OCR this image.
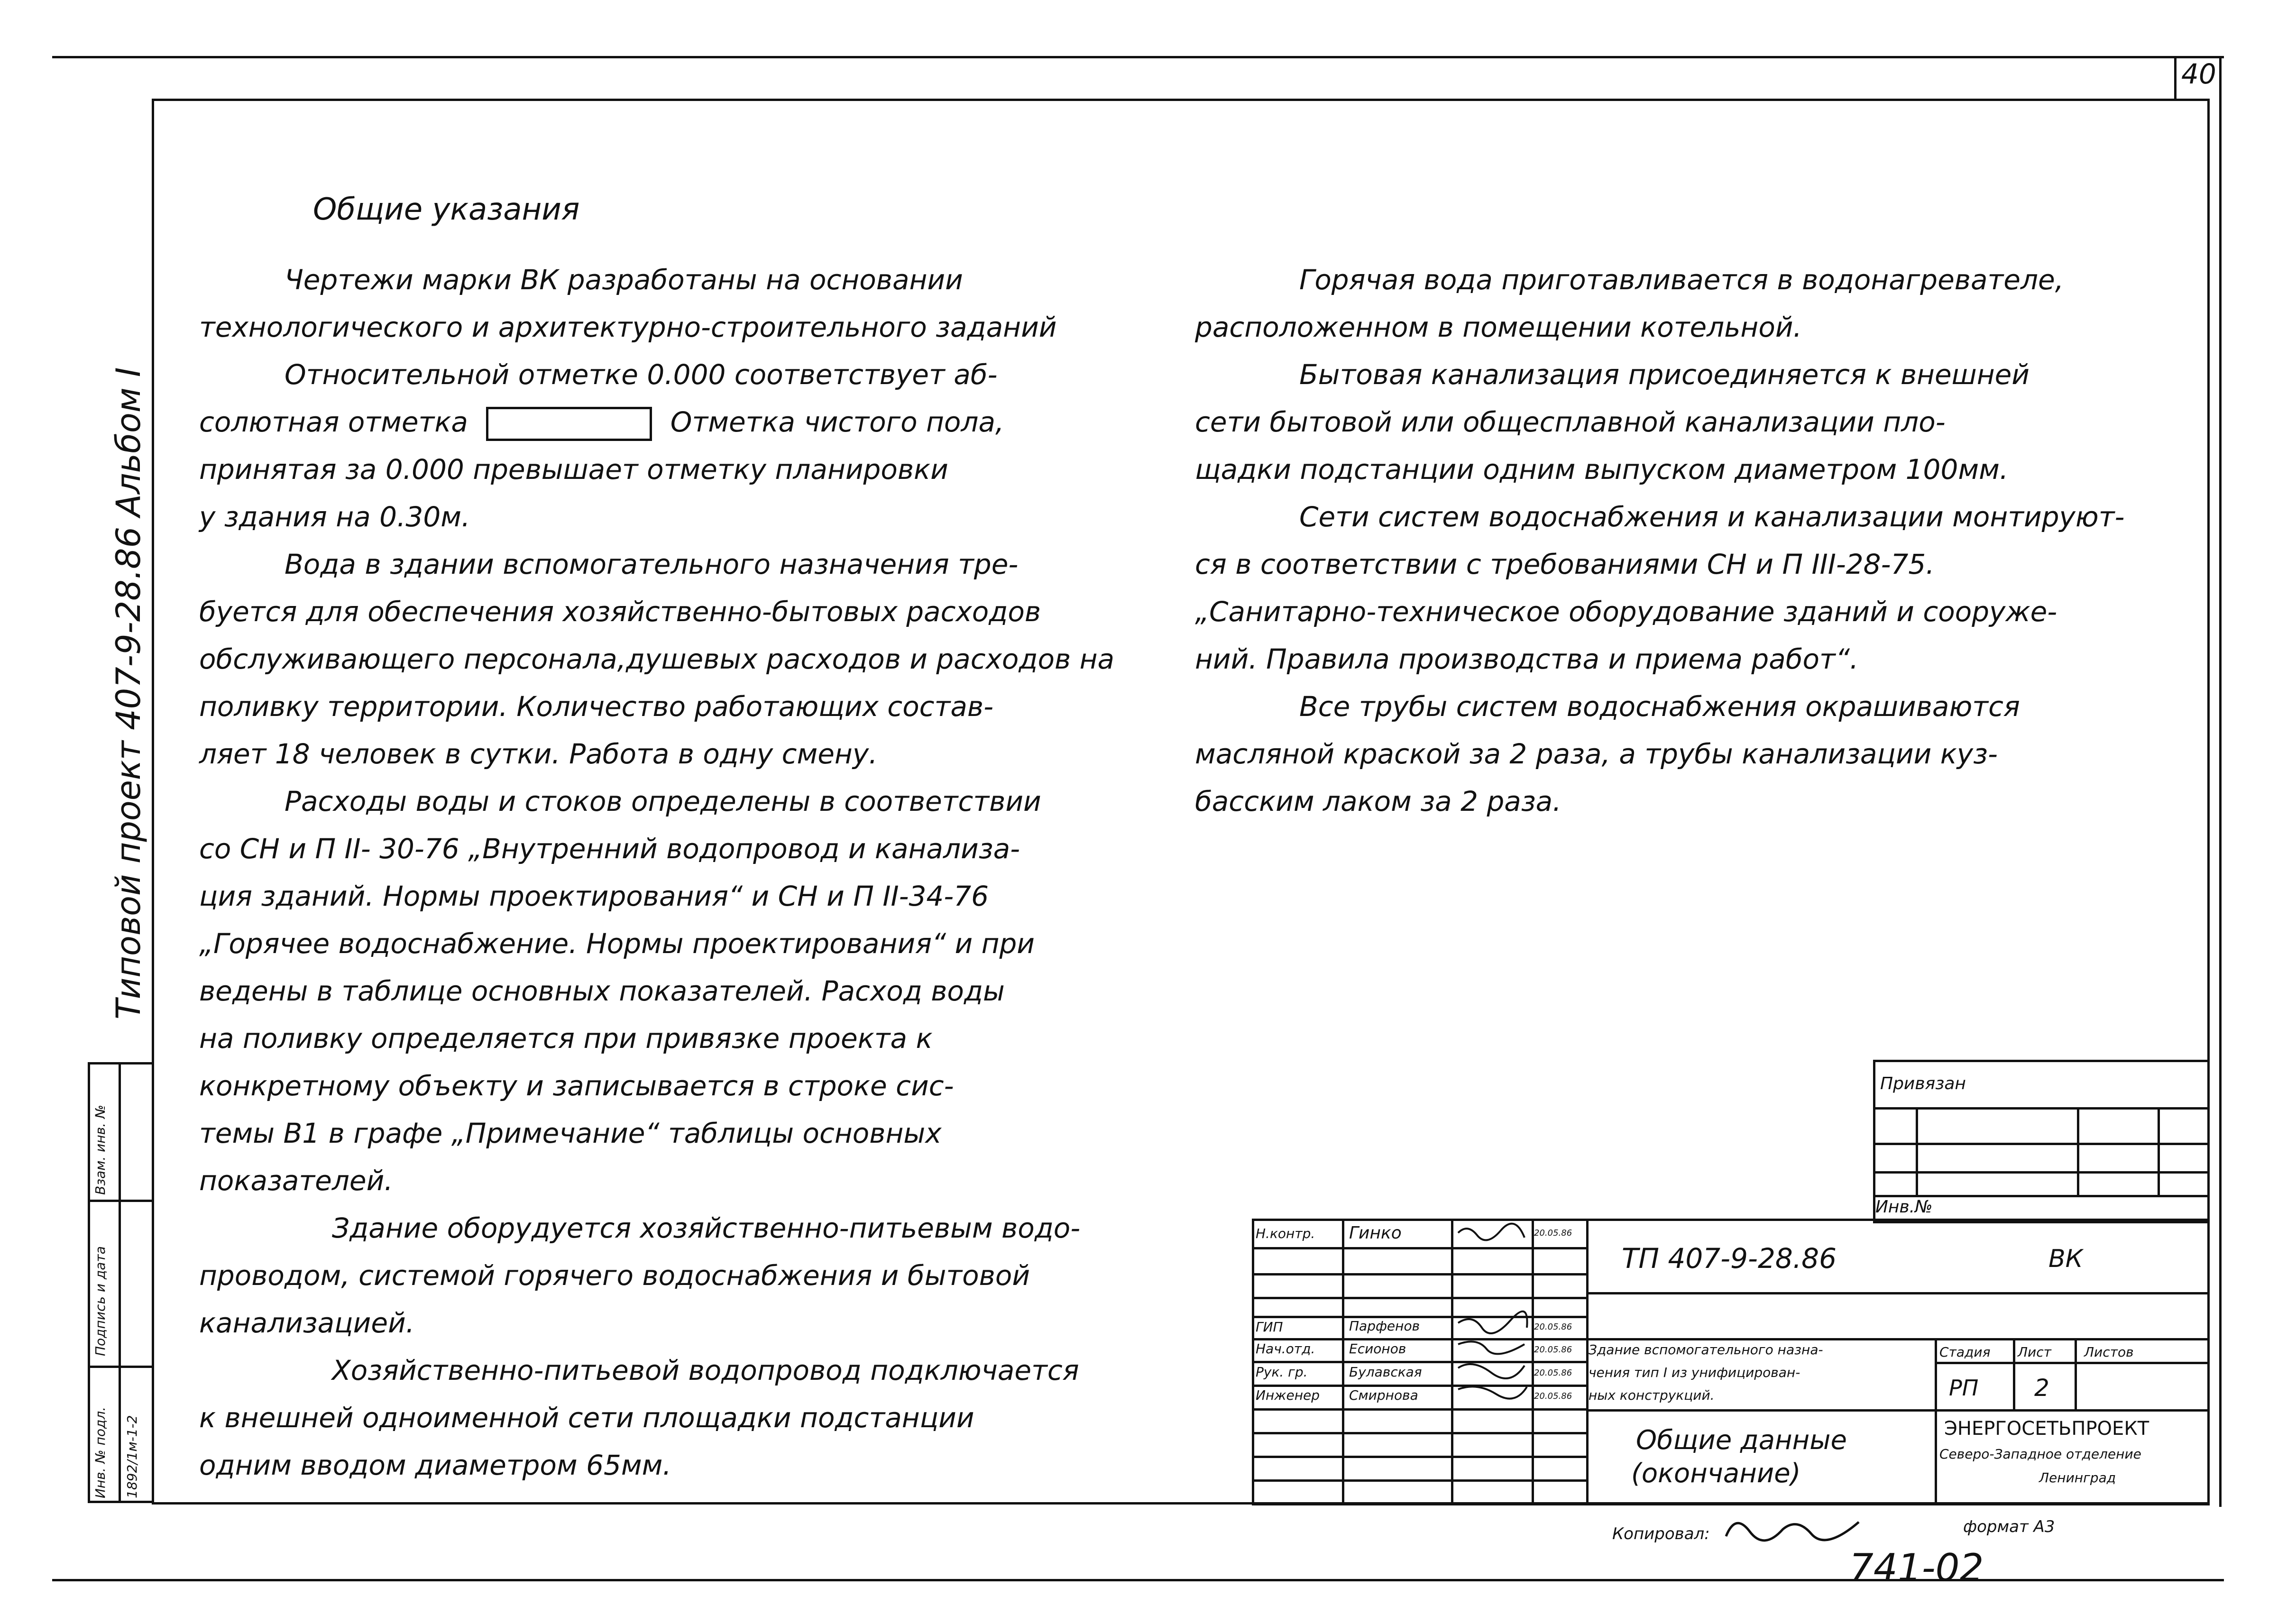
40
Типовой проект 407-9-28.86
Альбом I
Инв. № подл.
Подпись и дата
Взам. инв. №
1892/1м-1-2
Общие указания
Чертежи марки ВК разработаны на основании
технологического и архитектурно-строительного заданий
Относительной отметке 0.000 соответствует аб-
солютная отметка	Отметка чистого пола,
принятая за 0.000 превышает отметку планировки
у здания на 0.30м.
Вода в здании вспомогательного назначения тре-
буется для обеспечения хозяйственно-бытовых расходов
обслуживающего персонала,душевых расходов и расходов на
поливку территории. Количество работающих состав-
ляет 18 человек в сутки. Работа в одну смену.
Расходы воды и стоков определены в соответствии
со СН и П II- 30-76 „Внутренний водопровод и канализа-
ция зданий. Нормы проектирования“ и СН и П II-34-76
„Горячее водоснабжение. Нормы проектирования“ и при
ведены в таблице основных показателей. Расход воды
на поливку определяется при привязке проекта к
конкретному объекту и записывается в строке сис-
темы В1 в графе „Примечание“ таблицы основных
показателей.
Здание оборудуется хозяйственно-питьевым водо-
проводом, системой горячего водоснабжения и бытовой
канализацией.
Хозяйственно-питьевой водопровод подключается
к внешней одноименной сети площадки подстанции
одним вводом диаметром 65мм.
Горячая вода приготавливается в водонагревателе,
расположенном в помещении котельной.
Бытовая канализация присоединяется к внешней
сети бытовой или общесплавной канализации пло-
щадки подстанции одним выпуском диаметром 100мм.
Сети систем водоснабжения и канализации монтируют-
ся в соответствии с требованиями СН и П III-28-75.
„Санитарно-техническое оборудование зданий и сооруже-
ний. Правила производства и приема работ“.
Все трубы систем водоснабжения окрашиваются
масляной краской за 2 раза, а трубы канализации куз-
басским лаком за 2 раза.
Привязан
Инв.№
Н.контр. Гинко	20.05.86
ГИП	Парфенов	20.05.86
Нач.отд.	Есионов	20.05.86
Рук. гр.	Булавская	20.05.86
Инженер Смирнова	20.05.86
ТП 407-9-28.86	ВК
Здание вспомогательного назна-
чения тип I из унифицирован-
ных конструкций.
Стадия Лист Листов
РП 2
Общие данные
(окончание)
ЭНЕРГОСЕТЬПРОЕКТ
Северо-Западное отделение
Ленинград
Копировал:	формат А3
741-02
